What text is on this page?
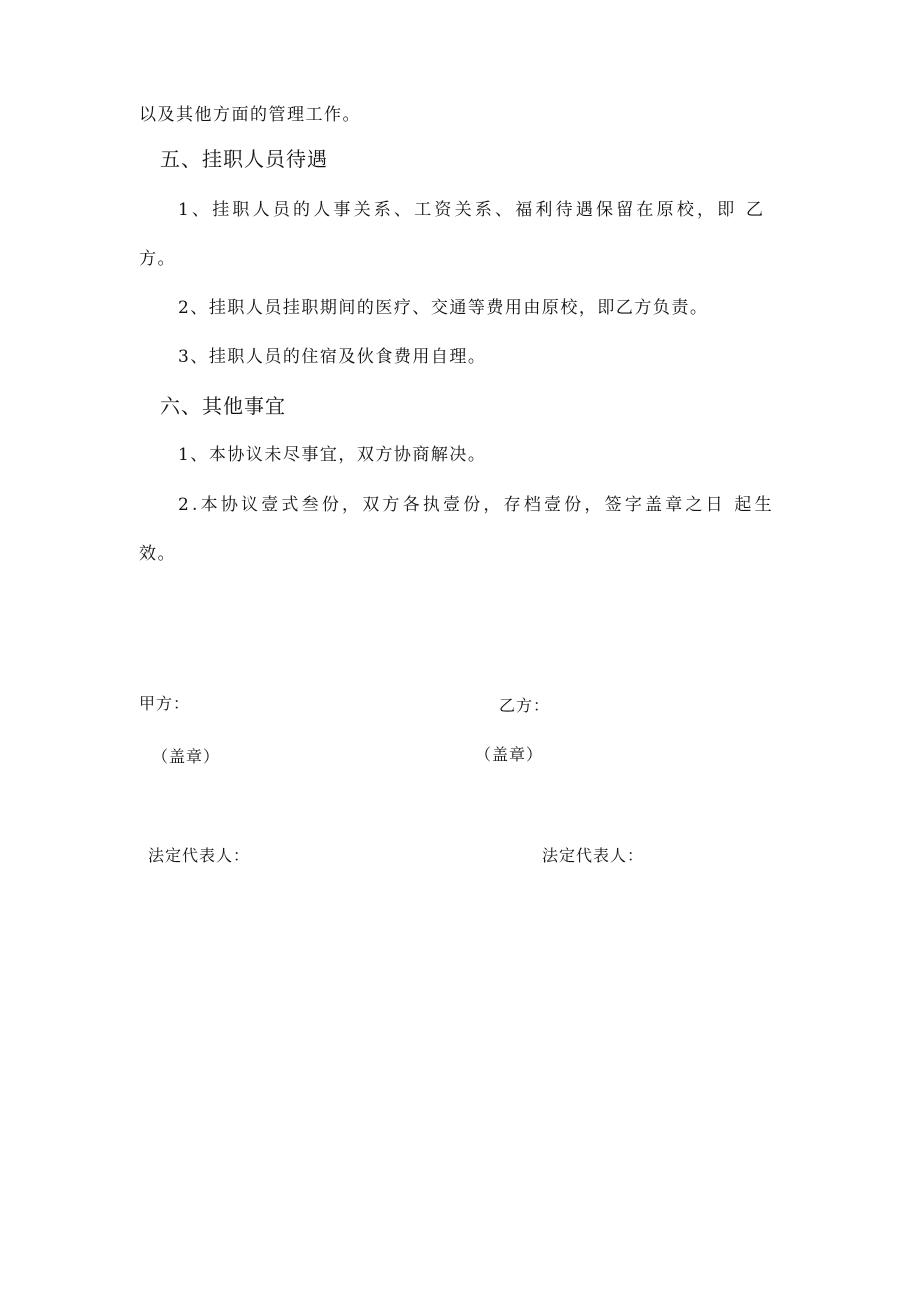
以及其他方面的管理工作。
五、挂职人员待遇
1、挂职人员的人事关系、工资关系、福利待遇保留在原校，即 乙
方。
2、挂职人员挂职期间的医疗、交通等费用由原校，即乙方负责。
3、挂职人员的住宿及伙食费用自理。
六、其他事宜
1、本协议未尽事宜，双方协商解决。
2.本协议壹式叁份，双方各执壹份，存档壹份，签字盖章之日 起生
效。
甲方：	乙方：
（盖章）	（盖章）
法定代表人：	法定代表人：
